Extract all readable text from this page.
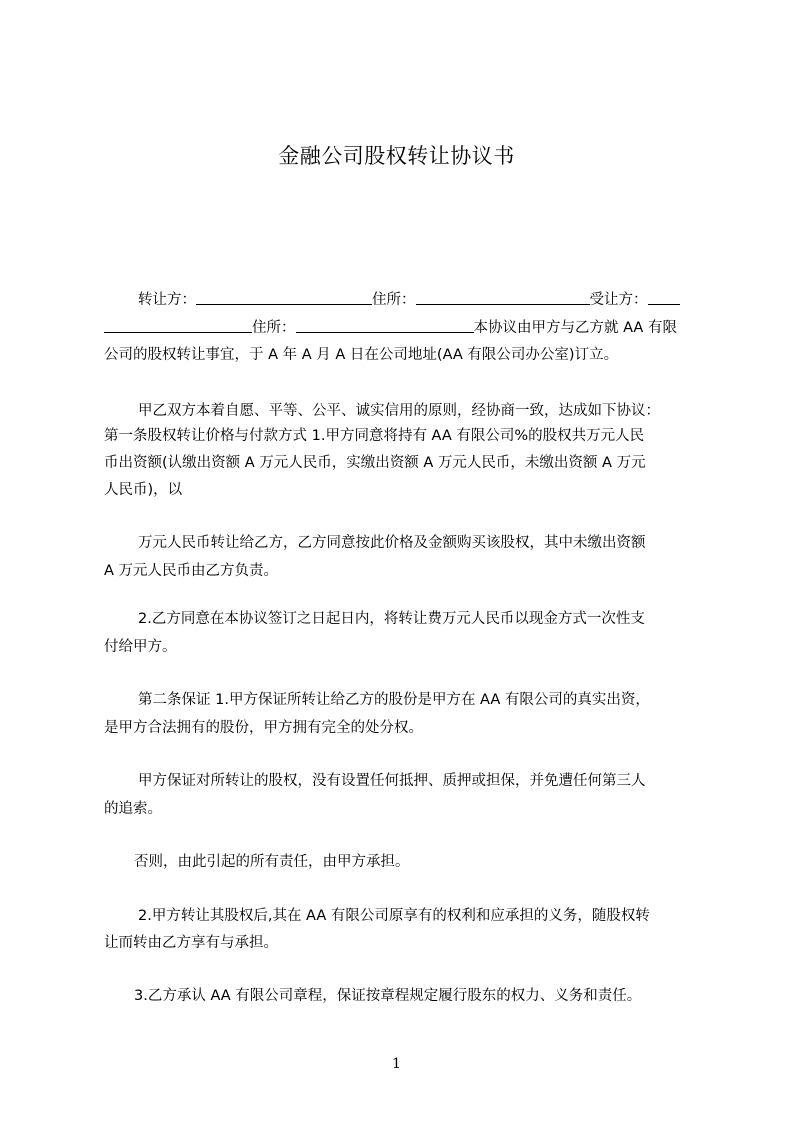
金融公司股权转让协议书
转让方：	住所：	受让方：
住所：	本协议由甲方与乙方就 AA 有限
公司的股权转让事宜，于 A 年 A 月 A 日在公司地址(AA 有限公司办公室)订立。
甲乙双方本着自愿、平等、公平、诚实信用的原则，经协商一致，达成如下协议：
第一条股权转让价格与付款方式 1.甲方同意将持有 AA 有限公司%的股权共万元人民
币出资额(认缴出资额 A 万元人民币，实缴出资额 A 万元人民币，未缴出资额 A 万元
人民币)，以
万元人民币转让给乙方，乙方同意按此价格及金额购买该股权，其中未缴出资额
A 万元人民币由乙方负责。
2.乙方同意在本协议签订之日起日内，将转让费万元人民币以现金方式一次性支
付给甲方。
第二条保证 1.甲方保证所转让给乙方的股份是甲方在 AA 有限公司的真实出资，
是甲方合法拥有的股份，甲方拥有完全的处分权。
甲方保证对所转让的股权，没有设置任何抵押、质押或担保，并免遭任何第三人
的追索。
否则，由此引起的所有责任，由甲方承担。
2.甲方转让其股权后,其在 AA 有限公司原享有的权利和应承担的义务，随股权转
让而转由乙方享有与承担。
3.乙方承认 AA 有限公司章程，保证按章程规定履行股东的权力、义务和责任。
1
